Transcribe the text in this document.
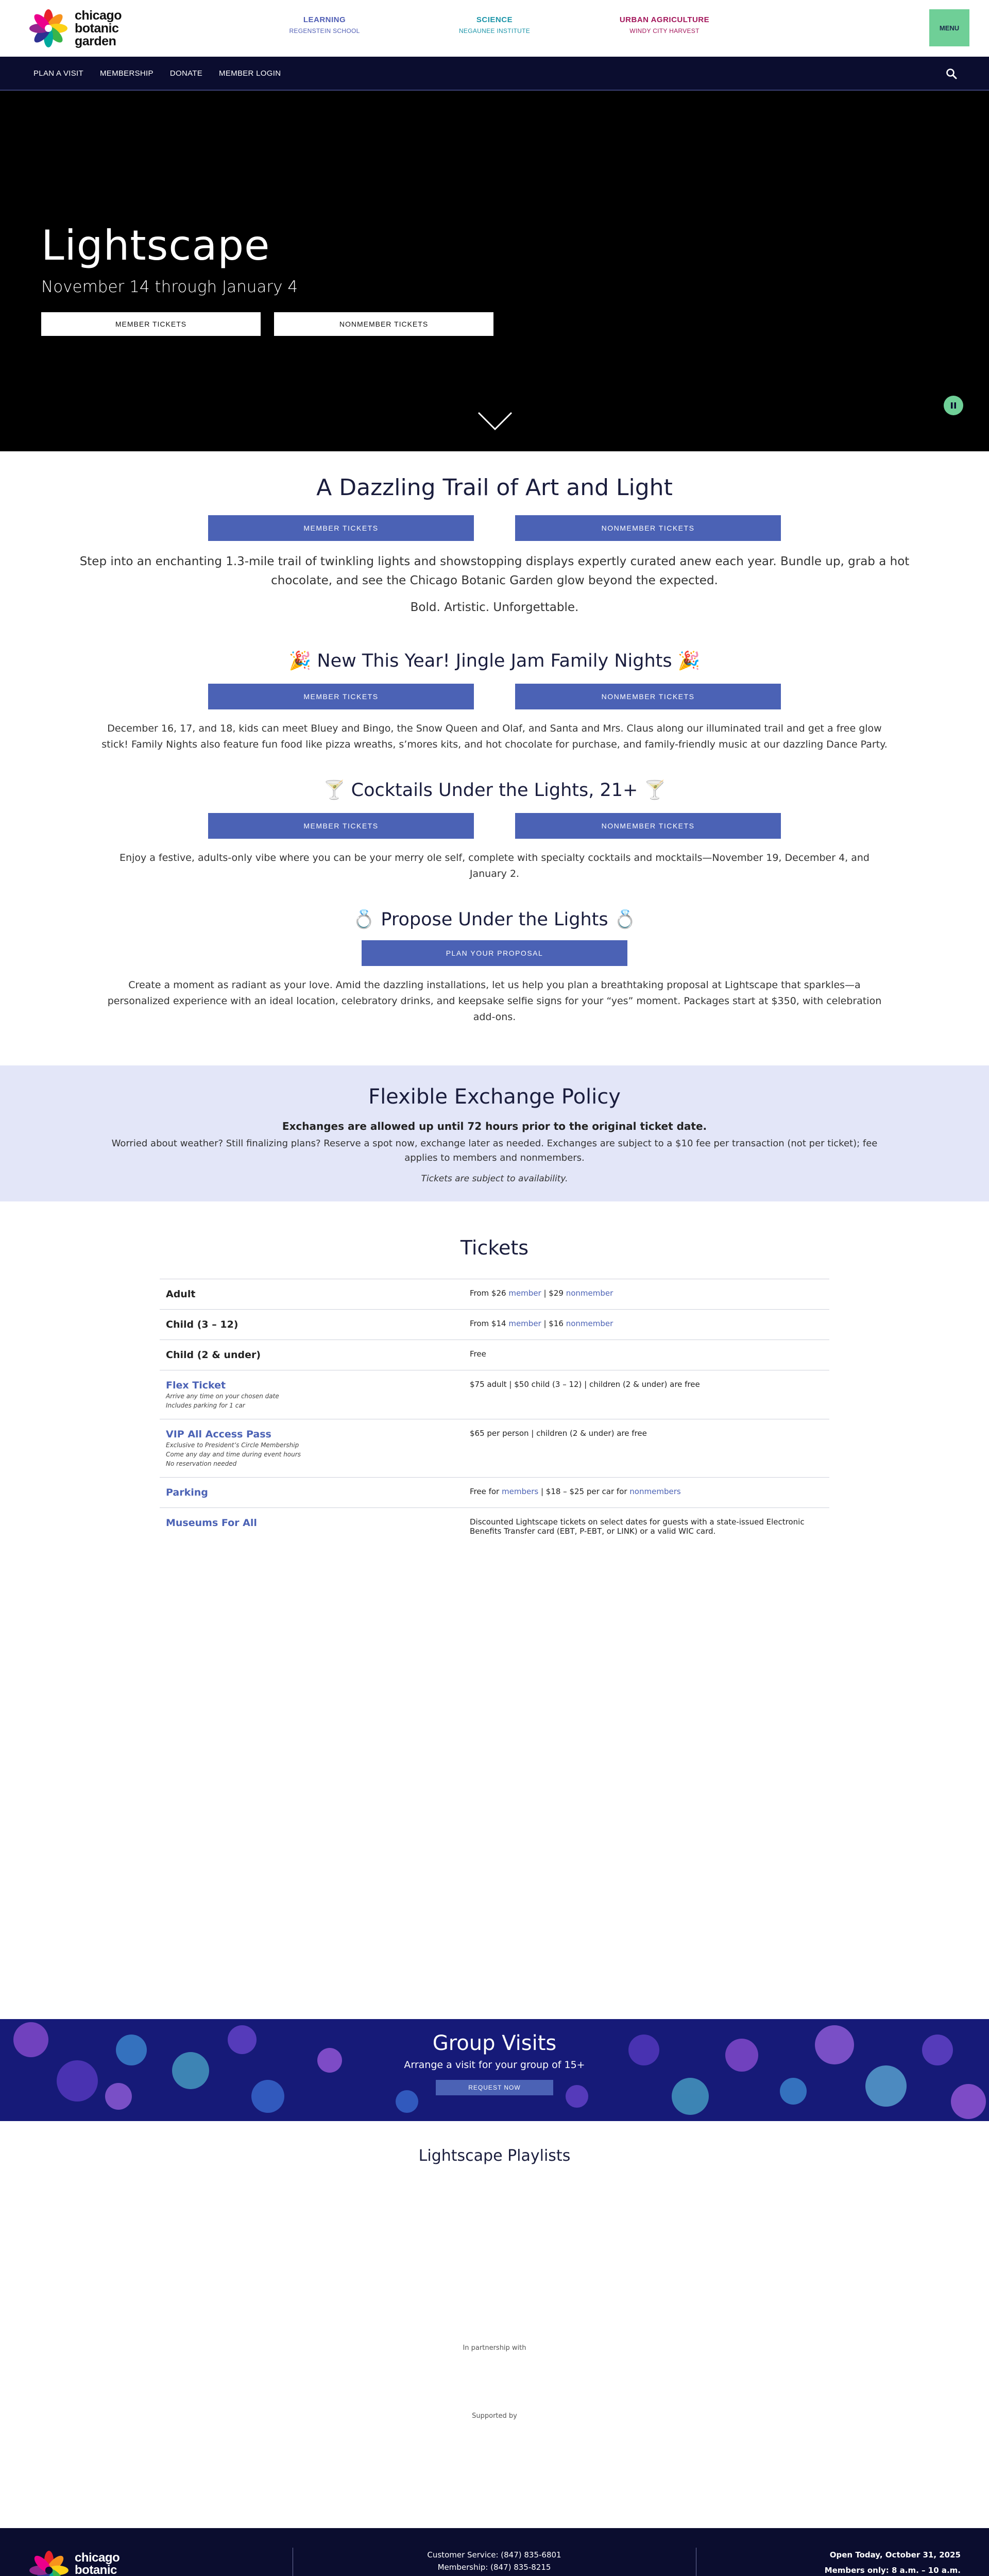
chicago
botanic
garden
LEARNING
REGENSTEIN SCHOOL
SCIENCE
NEGAUNEE INSTITUTE
URBAN AGRICULTURE
WINDY CITY HARVEST	MENU
PLAN A VISIT MEMBERSHIP DONATE MEMBER LOGIN
Lightscape
November 14 through January 4
MEMBER TICKETS	NONMEMBER TICKETS
A Dazzling Trail of Art and Light
MEMBER TICKETS	NONMEMBER TICKETS

Step into an enchanting 1.3-mile trail of twinkling lights and showstopping displays expertly curated anew each year. Bundle up, grab a hot chocolate, and see the Chicago Botanic Garden glow beyond the expected.

Bold. Artistic. Unforgettable.

🎉 New This Year! Jingle Jam Family Nights 🎉
MEMBER TICKETS	NONMEMBER TICKETS

December 16, 17, and 18, kids can meet Bluey and Bingo, the Snow Queen and Olaf, and Santa and Mrs. Claus along our illuminated trail and get a free glow stick! Family Nights also feature fun food like pizza wreaths, s’mores kits, and hot chocolate for purchase, and family-friendly music at our dazzling Dance Party.

🍸 Cocktails Under the Lights, 21+ 🍸
MEMBER TICKETS	NONMEMBER TICKETS

Enjoy a festive, adults-only vibe where you can be your merry ole self, complete with specialty cocktails and mocktails—November 19, December 4, and January 2.

💍 Propose Under the Lights 💍
PLAN YOUR PROPOSAL

Create a moment as radiant as your love. Amid the dazzling installations, let us help you plan a breathtaking proposal at Lightscape that sparkles—a personalized experience with an ideal location, celebratory drinks, and keepsake selfie signs for your “yes” moment. Packages start at $350, with celebration add-ons.

Flexible Exchange Policy

Exchanges are allowed up until 72 hours prior to the original ticket date.

Worried about weather? Still finalizing plans? Reserve a spot now, exchange later as needed. Exchanges are subject to a $10 fee per transaction (not per ticket); fee applies to members and nonmembers.

Tickets are subject to availability.

Tickets
Adult	From $26 member | $29 nonmember

Child (3 – 12)	From $14 member | $16 nonmember

Child (2 & under)	Free

Flex Ticket
Arrive any time on your chosen date
Includes parking for 1 car	$75 adult | $50 child (3 – 12) | children (2 & under) are free

VIP All Access Pass
Exclusive to President’s Circle Membership
Come any day and time during event hours
No reservation needed	$65 per person | children (2 & under) are free

Parking	Free for members | $18 – $25 per car for nonmembers

Museums For All	Discounted Lightscape tickets on select dates for guests with a state-issued Electronic Benefits Transfer card (EBT, P-EBT, or LINK) or a valid WIC card.
Group Visits

Arrange a visit for your group of 15+

REQUEST NOW
Lightscape Playlists
In partnership with
Supported by
chicago
botanic
Customer Service: (847) 835-6801
Membership: (847) 835-8215
Open Today, October 31, 2025
Members only: 8 a.m. – 10 a.m.
